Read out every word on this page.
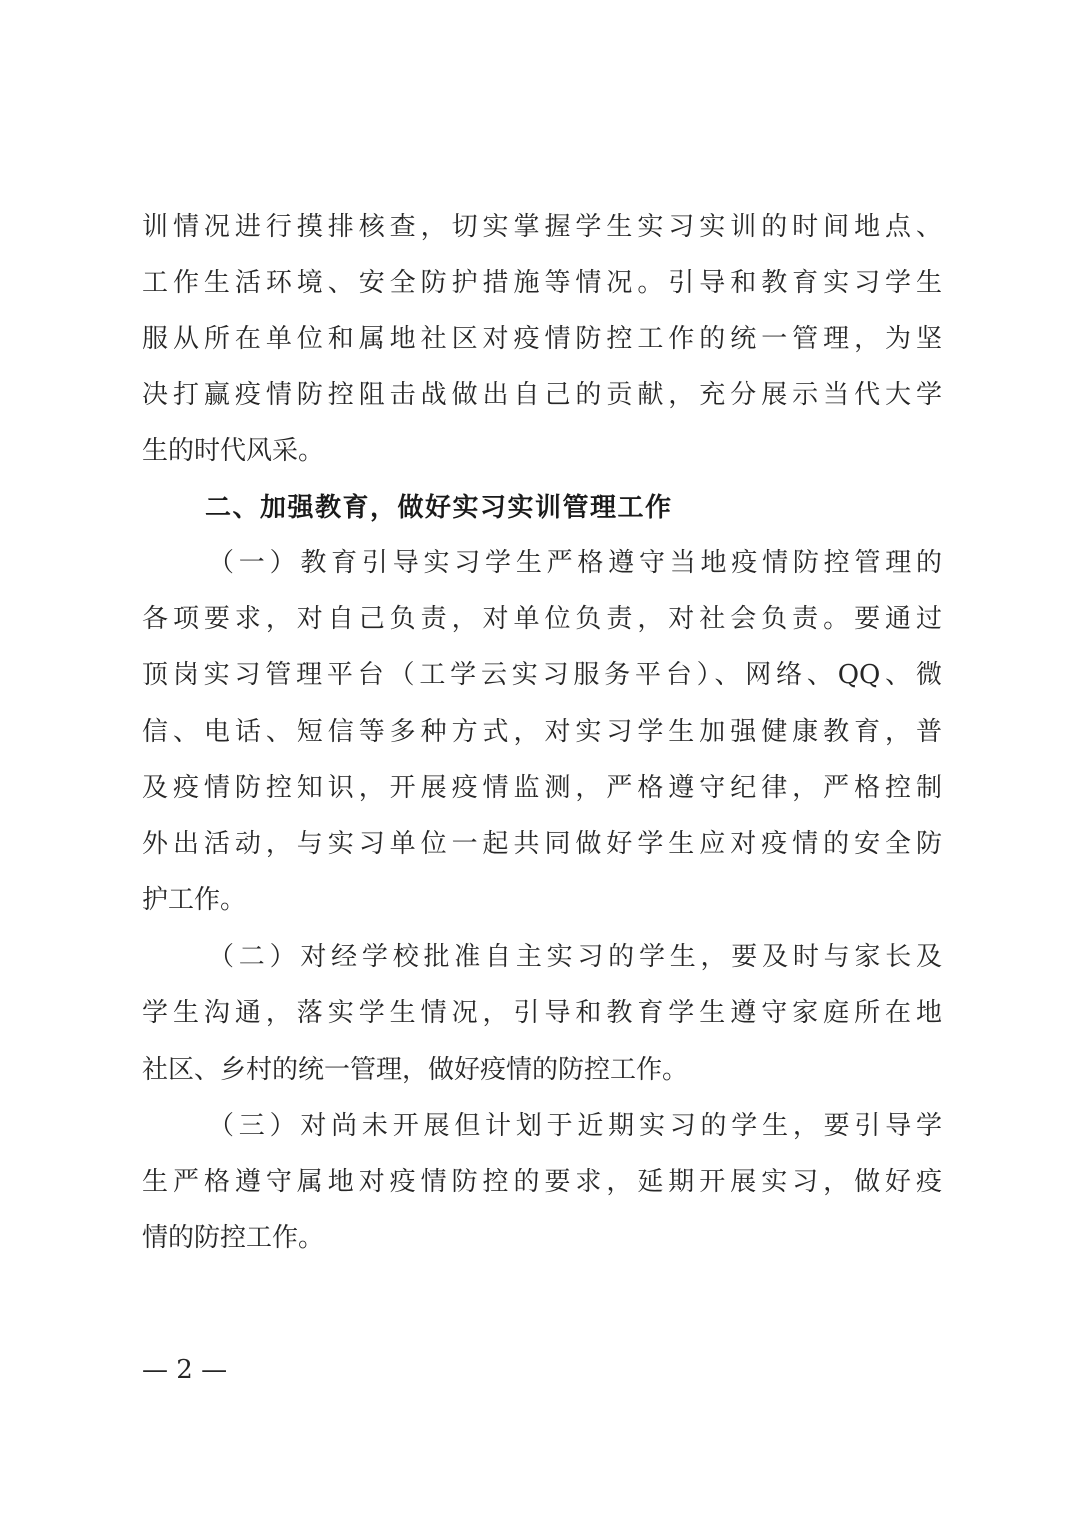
训情况进行摸排核查，切实掌握学生实习实训的时间地点、
工作生活环境、安全防护措施等情况。引导和教育实习学生
服从所在单位和属地社区对疫情防控工作的统一管理，为坚
决打赢疫情防控阻击战做出自己的贡献，充分展示当代大学
生的时代风采。
二、加强教育，做好实习实训管理工作
（一）教育引导实习学生严格遵守当地疫情防控管理的
各项要求，对自己负责，对单位负责，对社会负责。要通过
顶岗实习管理平台（工学云实习服务平台）、网络、QQ、微
信、电话、短信等多种方式，对实习学生加强健康教育，普
及疫情防控知识，开展疫情监测，严格遵守纪律，严格控制
外出活动，与实习单位一起共同做好学生应对疫情的安全防
护工作。
（二）对经学校批准自主实习的学生，要及时与家长及
学生沟通，落实学生情况，引导和教育学生遵守家庭所在地
社区、乡村的统一管理，做好疫情的防控工作。
（三）对尚未开展但计划于近期实习的学生，要引导学
生严格遵守属地对疫情防控的要求，延期开展实习，做好疫
情的防控工作。
— 2 —
